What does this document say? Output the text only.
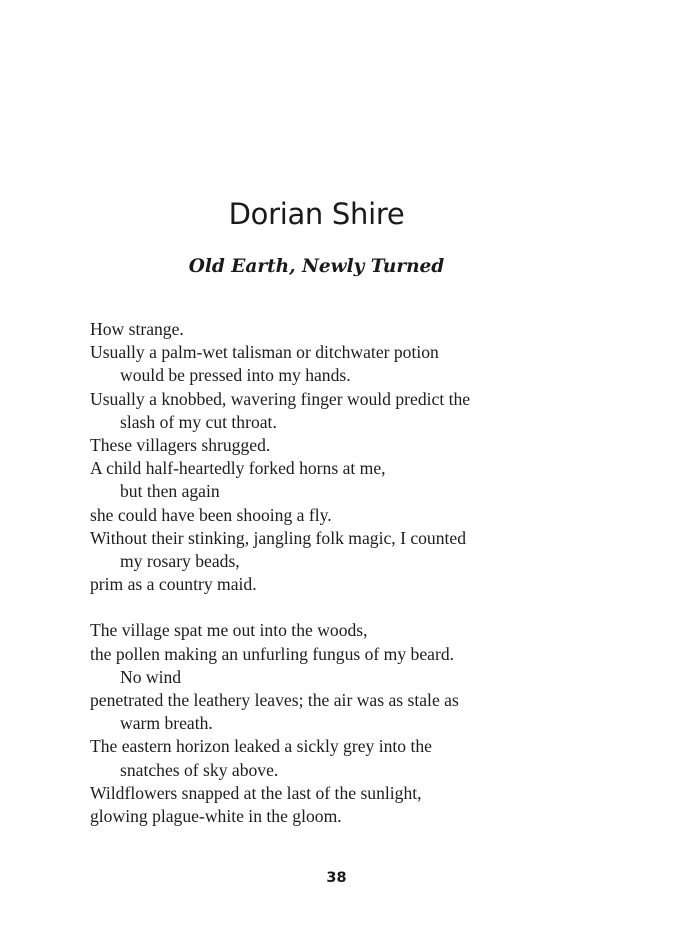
Dorian Shire
Old Earth, Newly Turned

How strange.
Usually a palm-wet talisman or ditchwater potion
would be pressed into my hands.
Usually a knobbed, wavering finger would predict the
slash of my cut throat.
These villagers shrugged.
A child half-heartedly forked horns at me,
but then again
she could have been shooing a fly.
Without their stinking, jangling folk magic, I counted
my rosary beads,
prim as a country maid.

The village spat me out into the woods,
the pollen making an unfurling fungus of my beard.
No wind
penetrated the leathery leaves; the air was as stale as
warm breath.
The eastern horizon leaked a sickly grey into the
snatches of sky above.
Wildflowers snapped at the last of the sunlight,
glowing plague-white in the gloom.

38
